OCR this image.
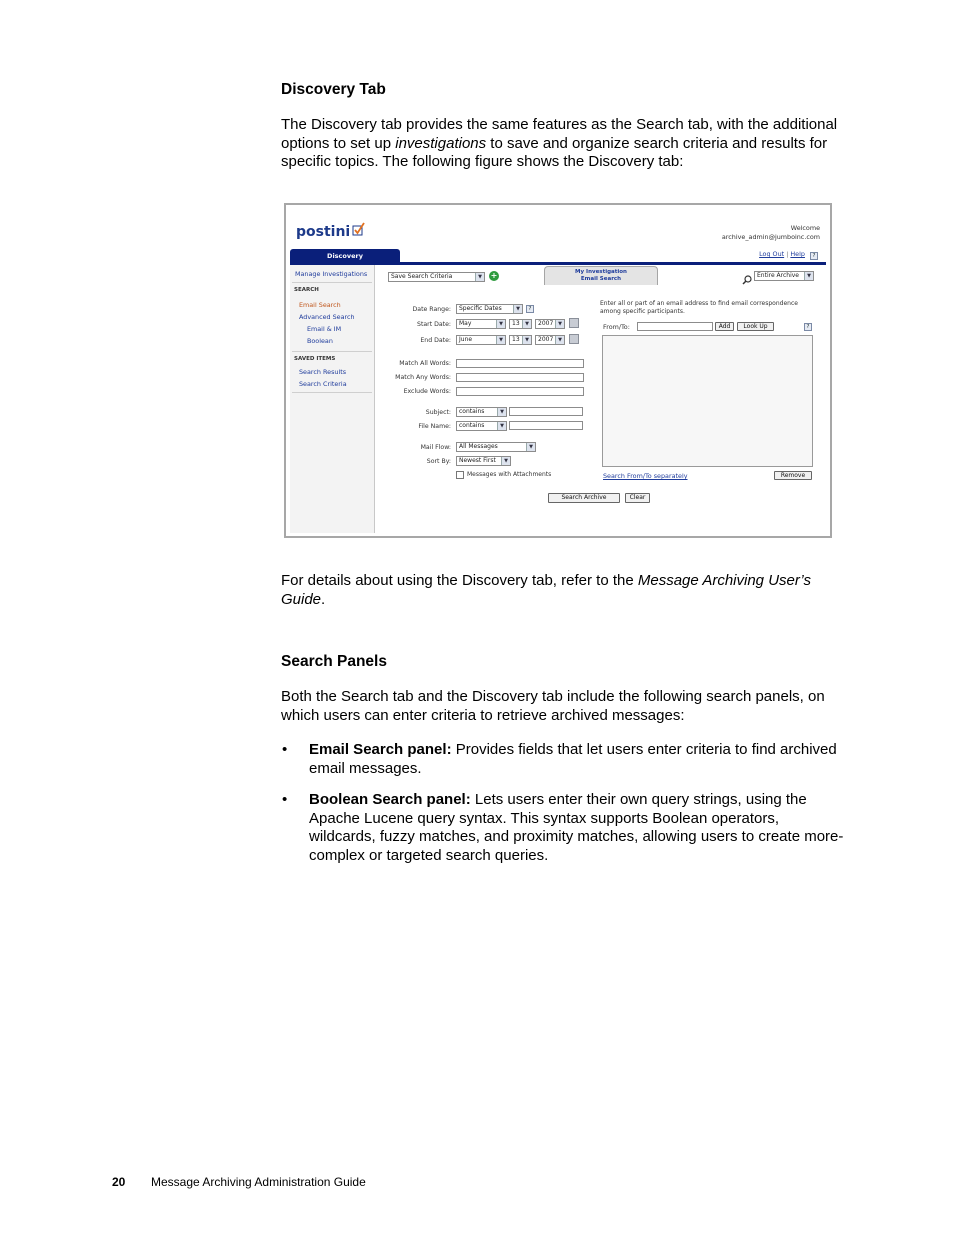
Discovery Tab
The Discovery tab provides the same features as the Search tab, with the additional options to set up investigations to save and organize search criteria and results for specific topics. The following figure shows the Discovery tab:
postini	Welcome
archive_admin@jumboinc.com
Log Out | Help ?
Discovery
Manage Investigations
SEARCH
Email Search
Advanced Search
Email & IM
Boolean
SAVED ITEMS
Search Results
Search Criteria
Save Search Criteria	▼ +	My Investigation
Email Search	Entire Archive	▼
Date Range:	Specific Dates	▼	?
Start Date:	May	▼	13	▼	2007 ▼
End Date:	June	▼	13	▼	2007 ▼
Match All Words:
Match Any Words:
Exclude Words:
Subject:	contains	▼
File Name:	contains	▼
Mail Flow:	All Messages	▼
Sort By:	Newest First	▼
Messages with Attachments
Search Archive	Clear
Enter all or part of an email address to find email correspondence among specific participants.
From/To:	Add	Look Up	?
Search From/To separately	Remove
For details about using the Discovery tab, refer to the Message Archiving User’s Guide.
Search Panels
Both the Search tab and the Discovery tab include the following search panels, on which users can enter criteria to retrieve archived messages:
• Email Search panel: Provides fields that let users enter criteria to find archived email messages.
• Boolean Search panel: Lets users enter their own query strings, using the Apache Lucene query syntax. This syntax supports Boolean operators, wildcards, fuzzy matches, and proximity matches, allowing users to create more-complex or targeted search queries.
20 Message Archiving Administration Guide
